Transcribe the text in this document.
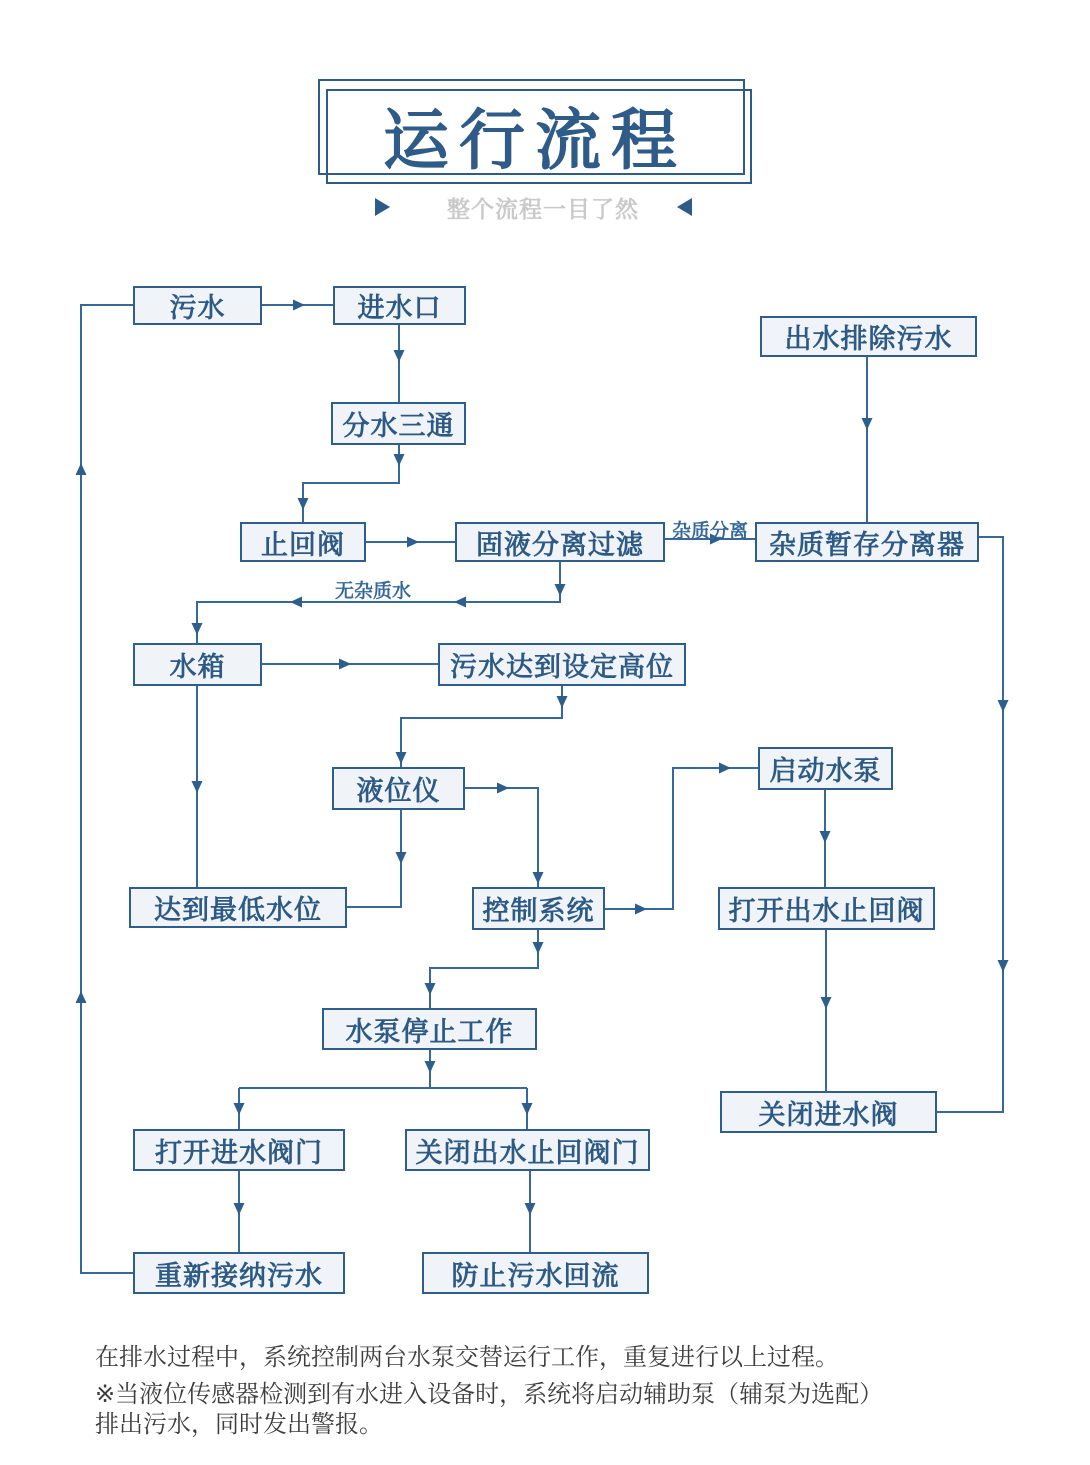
运行流程
整个流程一目了然
污水	进水口
出水排除污水
分水三通
止回阀	固液分离过滤	杂质暂存分离器
水箱	污水达到设定高位
液位仪
启动水泵
达到最低水位	控制系统	打开出水止回阀
水泵停止工作
关闭进水阀
打开进水阀门	关闭出水止回阀门
重新接纳污水	防止污水回流
无杂质水
杂质分离
在排水过程中，系统控制两台水泵交替运行工作，重复进行以上过程。
※当液位传感器检测到有水进入设备时，系统将启动辅助泵（辅泵为选配）
排出污水，同时发出警报。
